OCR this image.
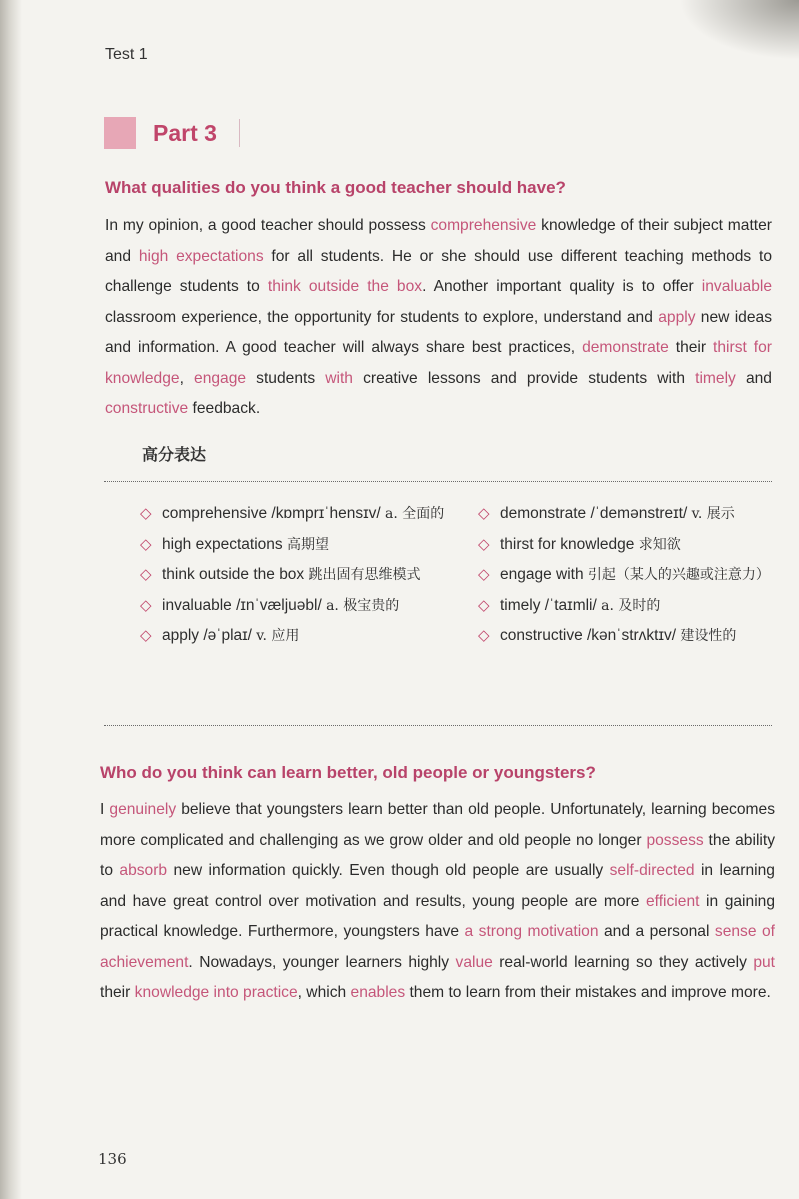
Test 1
Part 3
What qualities do you think a good teacher should have?
In my opinion, a good teacher should possess comprehensive knowledge of their subject matter and high expectations for all students. He or she should use different teaching methods to challenge students to think outside the box. Another important quality is to offer invaluable classroom experience, the opportunity for students to explore, understand and apply new ideas and information. A good teacher will always share best practices, demonstrate their thirst for knowledge, engage students with creative lessons and provide students with timely and constructive feedback.
高分表达
◇ comprehensive /kɒmprɪˈhensɪv/ a. 全面的
◇ high expectations 高期望
◇ think outside the box 跳出固有思维模式
◇ invaluable /ɪnˈvæljuəbl/ a. 极宝贵的
◇ apply /əˈplaɪ/ v. 应用
◇ demonstrate /ˈdemənstreɪt/ v. 展示
◇ thirst for knowledge 求知欲
◇ engage with 引起（某人的兴趣或注意力）
◇ timely /ˈtaɪmli/ a. 及时的
◇ constructive /kənˈstrʌktɪv/ 建设性的
Who do you think can learn better, old people or youngsters?
I genuinely believe that youngsters learn better than old people. Unfortunately, learning becomes more complicated and challenging as we grow older and old people no longer possess the ability to absorb new information quickly. Even though old people are usually self-directed in learning and have great control over motivation and results, young people are more efficient in gaining practical knowledge. Furthermore, youngsters have a strong motivation and a personal sense of achievement. Nowadays, younger learners highly value real-world learning so they actively put their knowledge into practice, which enables them to learn from their mistakes and improve more.
136
